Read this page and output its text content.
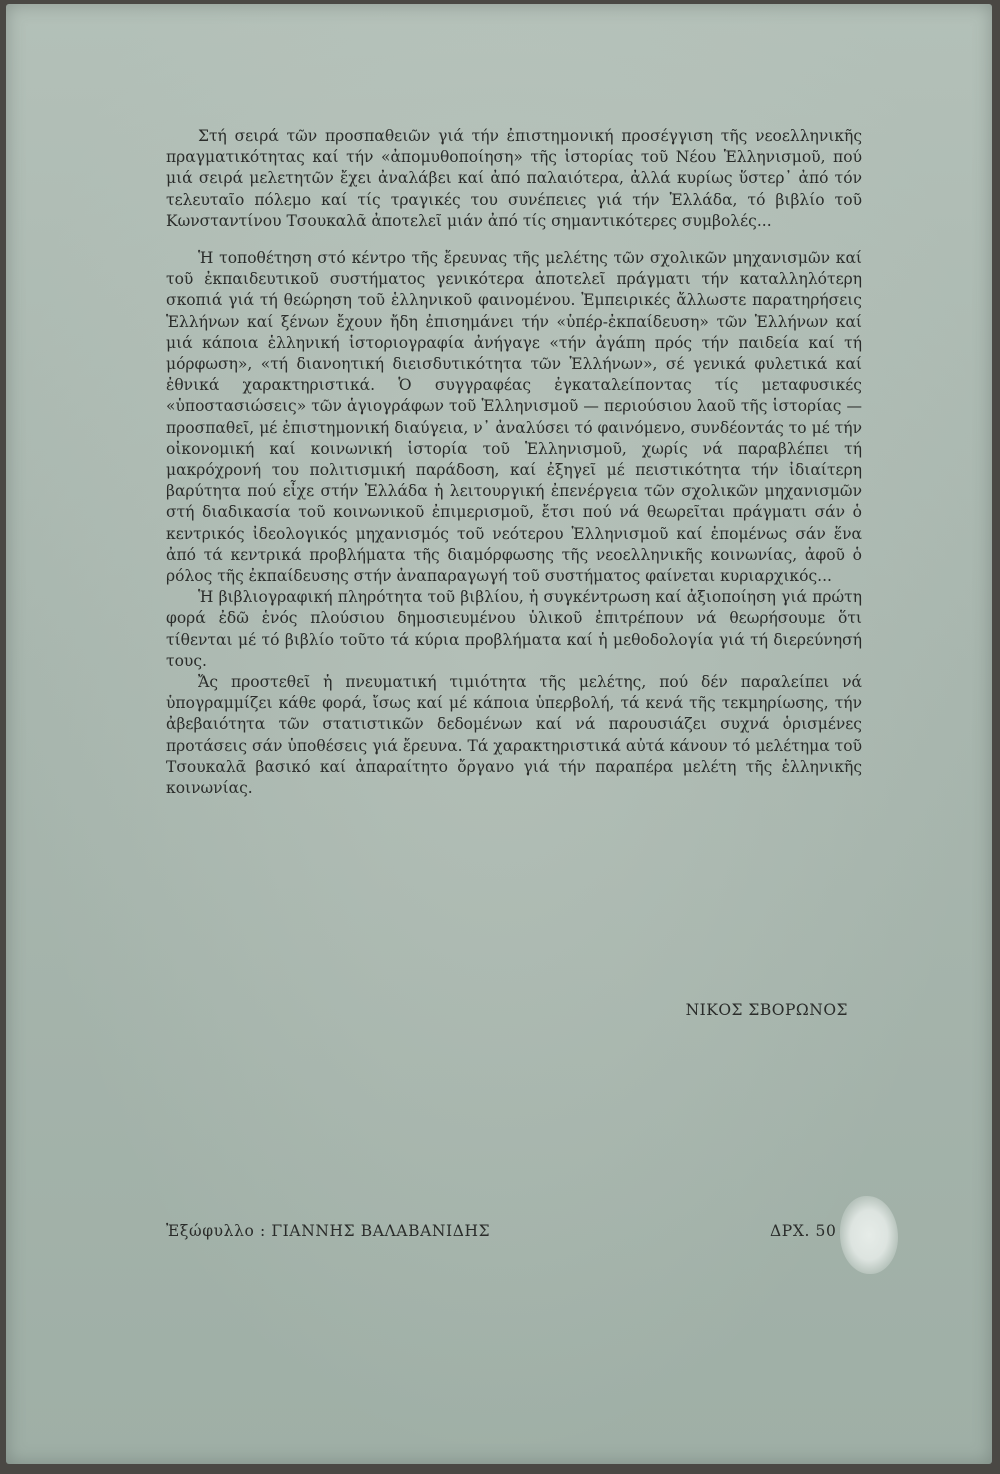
Στή σειρά τῶν προσπαθειῶν γιά τήν ἐπιστημονική προσέγγιση τῆς νεοελληνικῆς πραγματικότητας καί τήν «ἀπομυθοποίηση» τῆς ἱστορίας τοῦ Νέου Ἑλληνισμοῦ, πού μιά σειρά μελετητῶν ἔχει ἀναλάβει καί ἀπό παλαιότερα, ἀλλά κυρίως ὕστερ᾿ ἀπό τόν τελευταῖο πόλεμο καί τίς τραγικές του συνέπειες γιά τήν Ἑλλάδα, τό βιβλίο τοῦ Κωνσταντίνου Τσουκαλᾶ ἀποτελεῖ μιάν ἀπό τίς σημαντικότερες συμβολές...

Ἡ τοποθέτηση στό κέντρο τῆς ἔρευνας τῆς μελέτης τῶν σχολικῶν μηχανισμῶν καί τοῦ ἐκπαιδευτικοῦ συστήματος γενικότερα ἀποτελεῖ πράγματι τήν καταλληλότερη σκοπιά γιά τή θεώρηση τοῦ ἑλληνικοῦ φαινομένου. Ἐμπειρικές ἄλλωστε παρατηρήσεις Ἑλλήνων καί ξένων ἔχουν ἤδη ἐπισημάνει τήν «ὑπέρ-ἐκπαίδευση» τῶν Ἑλλήνων καί μιά κάποια ἑλληνική ἱστοριογραφία ἀνήγαγε «τήν ἀγάπη πρός τήν παιδεία καί τή μόρφωση», «τή διανοητική διεισδυτικότητα τῶν Ἑλλήνων», σέ γενικά φυλετικά καί ἐθνικά χαρακτηριστικά. Ὁ συγγραφέας ἐγκαταλείποντας τίς μεταφυσικές «ὑποστασιώσεις» τῶν ἁγιογράφων τοῦ Ἑλληνισμοῦ — περιούσιου λαοῦ τῆς ἱστορίας — προσπαθεῖ, μέ ἐπιστημονική διαύγεια, ν᾿ ἀναλύσει τό φαινόμενο, συνδέοντάς το μέ τήν οἰκονομική καί κοινωνική ἱστορία τοῦ Ἑλληνισμοῦ, χωρίς νά παραβλέπει τή μακρόχρονή του πολιτισμική παράδοση, καί ἐξηγεῖ μέ πειστικότητα τήν ἰδιαίτερη βαρύτητα πού εἶχε στήν Ἑλλάδα ἡ λειτουργική ἐπενέργεια τῶν σχολικῶν μηχανισμῶν στή διαδικασία τοῦ κοινωνικοῦ ἐπιμερισμοῦ, ἔτσι πού νά θεωρεῖται πράγματι σάν ὁ κεντρικός ἰδεολογικός μηχανισμός τοῦ νεότερου Ἑλληνισμοῦ καί ἑπομένως σάν ἕνα ἀπό τά κεντρικά προβλήματα τῆς διαμόρφωσης τῆς νεοελληνικῆς κοινωνίας, ἀφοῦ ὁ ρόλος τῆς ἐκπαίδευσης στήν ἀναπαραγωγή τοῦ συστήματος φαίνεται κυριαρχικός...

Ἡ βιβλιογραφική πληρότητα τοῦ βιβλίου, ἡ συγκέντρωση καί ἀξιοποίηση γιά πρώτη φορά ἐδῶ ἑνός πλούσιου δημοσιευμένου ὑλικοῦ ἐπιτρέπουν νά θεωρήσουμε ὅτι τίθενται μέ τό βιβλίο τοῦτο τά κύρια προβλήματα καί ἡ μεθοδολογία γιά τή διερεύνησή τους.

Ἄς προστεθεῖ ἡ πνευματική τιμιότητα τῆς μελέτης, πού δέν παραλείπει νά ὑπογραμμίζει κάθε φορά, ἴσως καί μέ κάποια ὑπερβολή, τά κενά τῆς τεκμηρίωσης, τήν ἀβεβαιότητα τῶν στατιστικῶν δεδομένων καί νά παρουσιάζει συχνά ὁρισμένες προτάσεις σάν ὑποθέσεις γιά ἔρευνα. Τά χαρακτηριστικά αὐτά κάνουν τό μελέτημα τοῦ Τσουκαλᾶ βασικό καί ἀπαραίτητο ὄργανο γιά τήν παραπέρα μελέτη τῆς ἑλληνικῆς κοινωνίας.

ΝΙΚΟΣ ΣΒΟΡΩΝΟΣ
Ἐξώφυλλο : ΓΙΑΝΝΗΣ ΒΑΛΑΒΑΝΙΔΗΣ	ΔΡΧ. 50
